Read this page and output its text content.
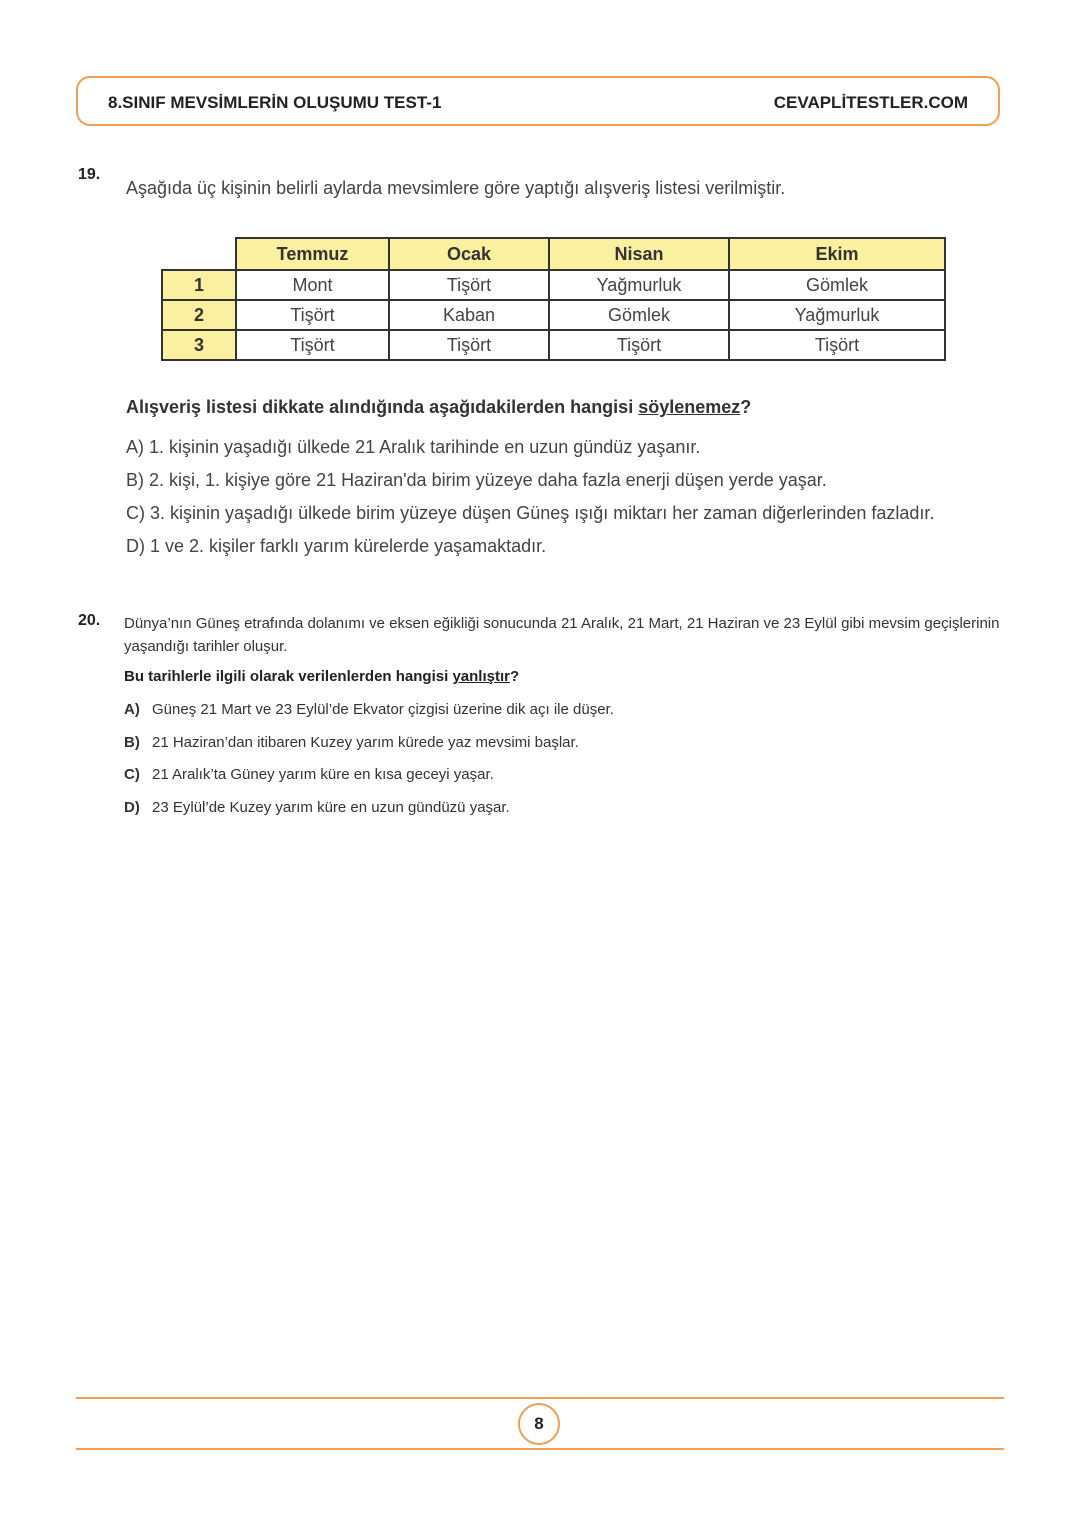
8.SINIF MEVSİMLERİN OLUŞUMU TEST-1	CEVAPLİTESTLER.COM
19.
Aşağıda üç kişinin belirli aylarda mevsimlere göre yaptığı alışveriş listesi verilmiştir.
	Temmuz	Ocak	Nisan	Ekim
1	Mont	Tişört	Yağmurluk	Gömlek
2	Tişört	Kaban	Gömlek	Yağmurluk
3	Tişört	Tişört	Tişört	Tişört
Alışveriş listesi dikkate alındığında aşağıdakilerden hangisi söylenemez?
A) 1. kişinin yaşadığı ülkede 21 Aralık tarihinde en uzun gündüz yaşanır.
B) 2. kişi, 1. kişiye göre 21 Haziran'da birim yüzeye daha fazla enerji düşen yerde yaşar.
C) 3. kişinin yaşadığı ülkede birim yüzeye düşen Güneş ışığı miktarı her zaman diğerlerinden fazladır.
D) 1 ve 2. kişiler farklı yarım kürelerde yaşamaktadır.
20. Dünya’nın Güneş etrafında dolanımı ve eksen eğikliği sonucunda 21 Aralık, 21 Mart, 21 Haziran ve 23 Eylül gibi mevsim geçişlerinin yaşandığı tarihler oluşur.
Bu tarihlerle ilgili olarak verilenlerden hangisi yanlıştır?
A) Güneş 21 Mart ve 23 Eylül’de Ekvator çizgisi üzerine dik açı ile düşer.
B) 21 Haziran’dan itibaren Kuzey yarım kürede yaz mevsimi başlar.
C) 21 Aralık’ta Güney yarım küre en kısa geceyi yaşar.
D) 23 Eylül’de Kuzey yarım küre en uzun gündüzü yaşar.
8
